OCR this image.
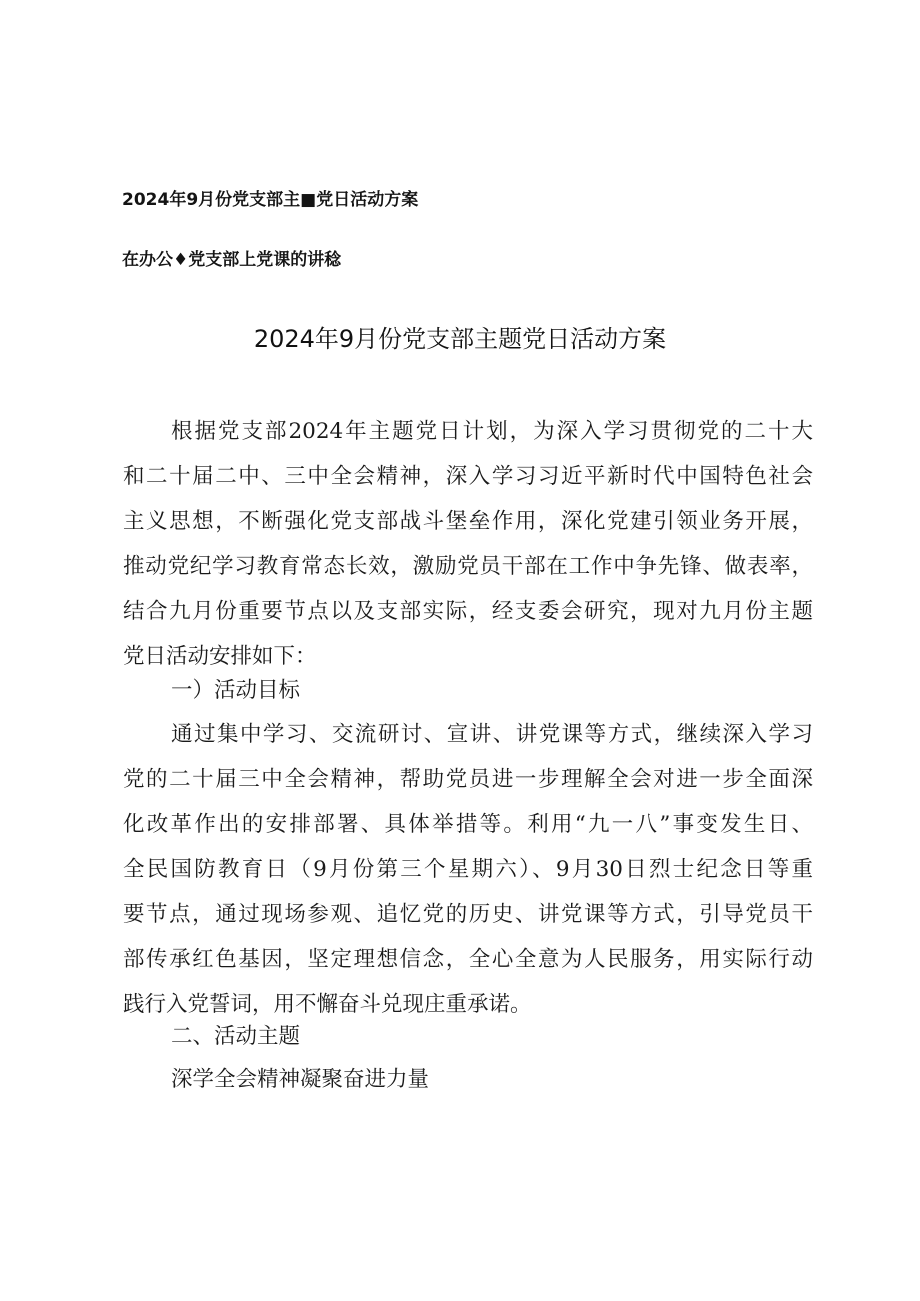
2024年9月份党支部主■党日活动方案
在办公♦党支部上党课的讲稔
2024年9月份党支部主题党日活动方案
根据党支部2024年主题党日计划，为深入学习贯彻党的二十大
和二十届二中、三中全会精神，深入学习习近平新时代中国特色社会
主义思想，不断强化党支部战斗堡垒作用，深化党建引领业务开展，
推动党纪学习教育常态长效，激励党员干部在工作中争先锋、做表率，
结合九月份重要节点以及支部实际，经支委会研究，现对九月份主题
党日活动安排如下：
一）活动目标
通过集中学习、交流研讨、宣讲、讲党课等方式，继续深入学习
党的二十届三中全会精神，帮助党员进一步理解全会对进一步全面深
化改革作出的安排部署、具体举措等。利用“九一八”事变发生日、
全民国防教育日（9月份第三个星期六）、9月30日烈士纪念日等重
要节点，通过现场参观、追忆党的历史、讲党课等方式，引导党员干
部传承红色基因，坚定理想信念，全心全意为人民服务，用实际行动
践行入党誓词，用不懈奋斗兑现庄重承诺。
二、活动主题
深学全会精神凝聚奋进力量
